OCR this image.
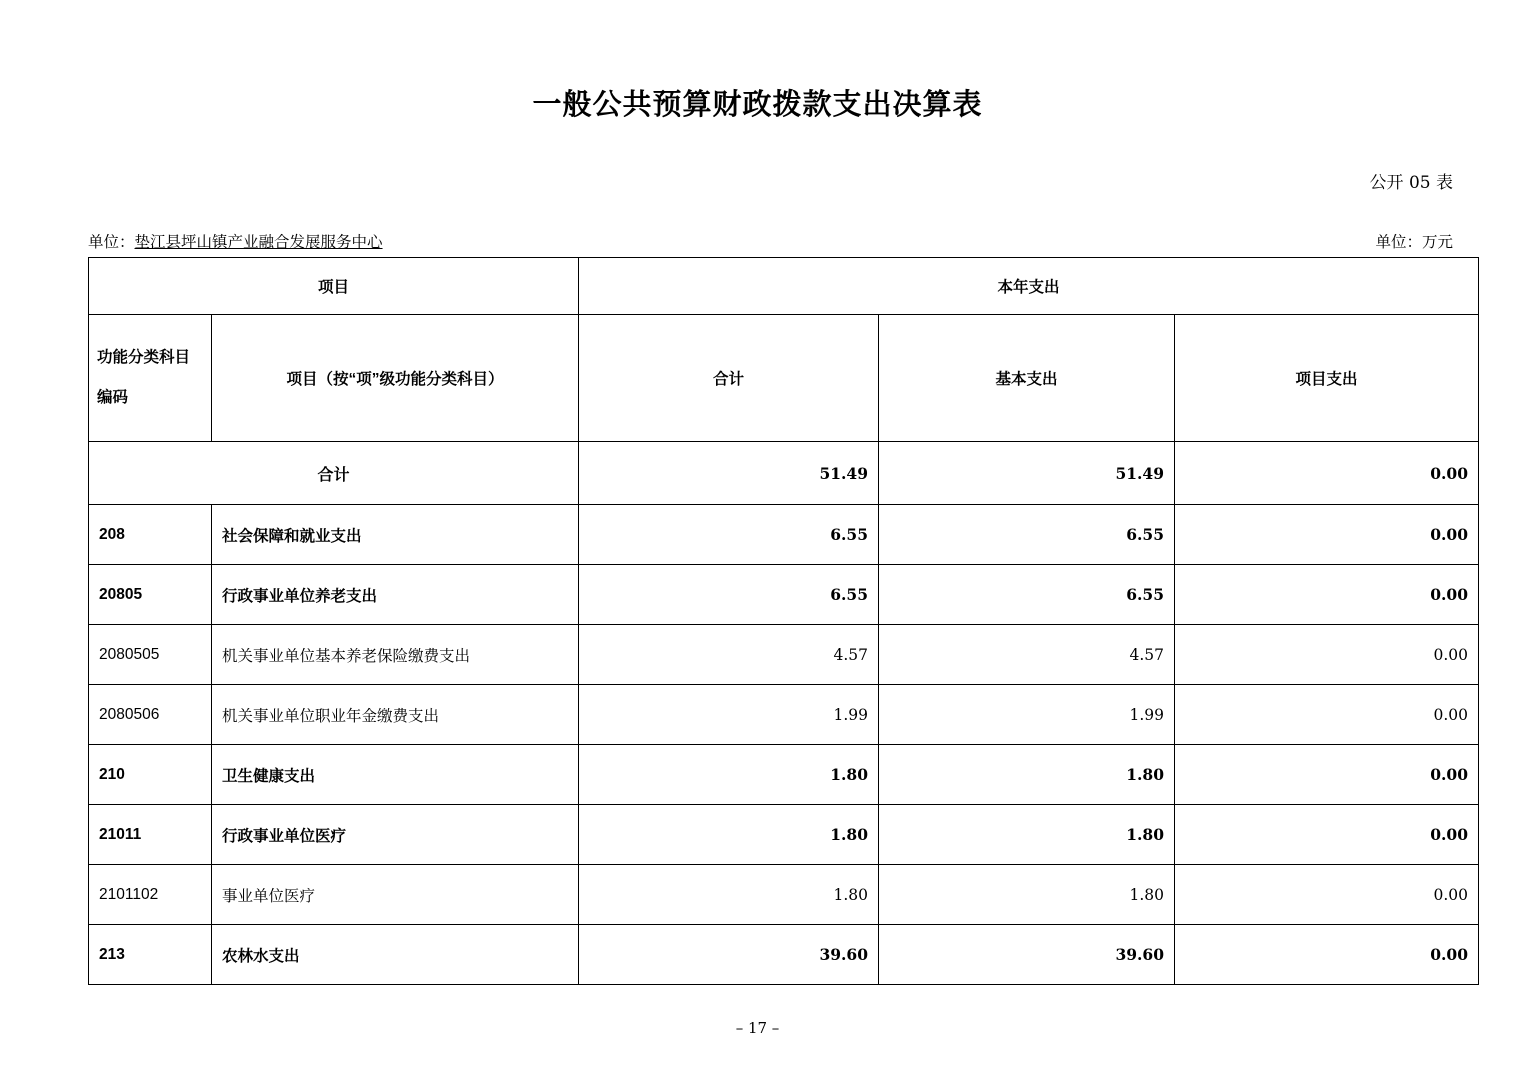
一般公共预算财政拨款支出决算表
公开 05 表
单位：垫江县坪山镇产业融合发展服务中心	单位：万元
项目		本年支出		

功能分类科目
编码	项目（按“项”级功能分类科目）	合计	基本支出	项目支出
合计		51.49	51.49	0.00
208	社会保障和就业支出	6.55	6.55	0.00
20805	行政事业单位养老支出	6.55	6.55	0.00
2080505	机关事业单位基本养老保险缴费支出	4.57	4.57	0.00
2080506	机关事业单位职业年金缴费支出	1.99	1.99	0.00
210	卫生健康支出	1.80	1.80	0.00
21011	行政事业单位医疗	1.80	1.80	0.00
2101102	事业单位医疗	1.80	1.80	0.00
213	农林水支出	39.60	39.60	0.00
– 17 –
